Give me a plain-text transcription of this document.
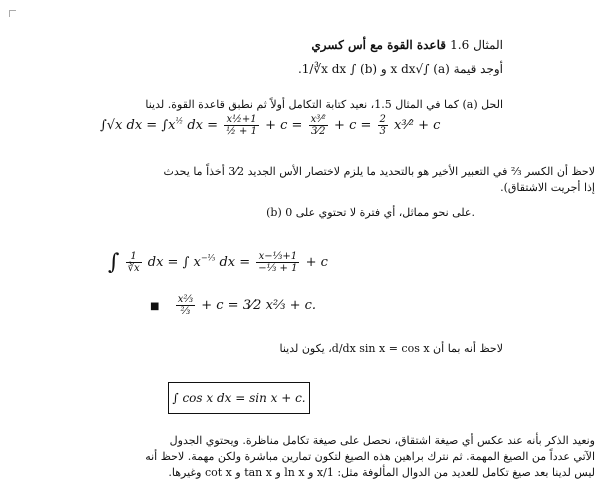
المثال 1.6 قاعدة القوة مع أس كسري
أوجد قيمة (a) ∫√x dx و (b) ∫ 1/∛x dx.
الحل (a) كما في المثال 1.5، نعيد كتابة التكامل أولاً ثم نطبق قاعدة القوة. لدينا
∫√x dx = $\int x^{\frac{1}{2}}$ dx = $\frac{\text{x½+1}}{\text{½ + 1}} + c = \frac{\text{x³⁄²}}{3⁄2} + c = \frac{2}{3}$ x³⁄² + c
لاحظ أن الكسر ⅔ في التعبير الأخير هو بالتحديد ما يلزم لاختصار الأس الجديد 3⁄2 أخذاً ما يحدث
إذا أجريت الاشتقاق).
(b) على نحو مماثل، أي فترة لا تحتوي على 0.
∫ $\frac{1}{∛x}$ dx = ∫ $x^{-\frac{1}{3}}$ dx = $\frac{\text{x−⅓+1}}{\text{−⅓ + 1}} + c$
■ $\frac{\text{x⅔}}{\text{⅔}} + c$ = 3⁄2 x⅔ + c.
لاحظ أنه بما أن d/dx sin x = cos x، يكون لدينا
∫ cos x dx = sin x + c.
ونعيد الذكر بأنه عند عكس أي صيغة اشتقاق، نحصل على صيغة تكامل مناظرة. ويحتوي الجدول
الآتي عدداً من الصيغ المهمة. ثم نترك براهين هذه الصيغ لتكون تمارين مباشرة ولكن مهمة. لاحظ أنه
ليس لدينا بعد صيغ تكامل للعديد من الدوال المألوفة مثل: 1/x و ln x و tan x و cot x وغيرها.
